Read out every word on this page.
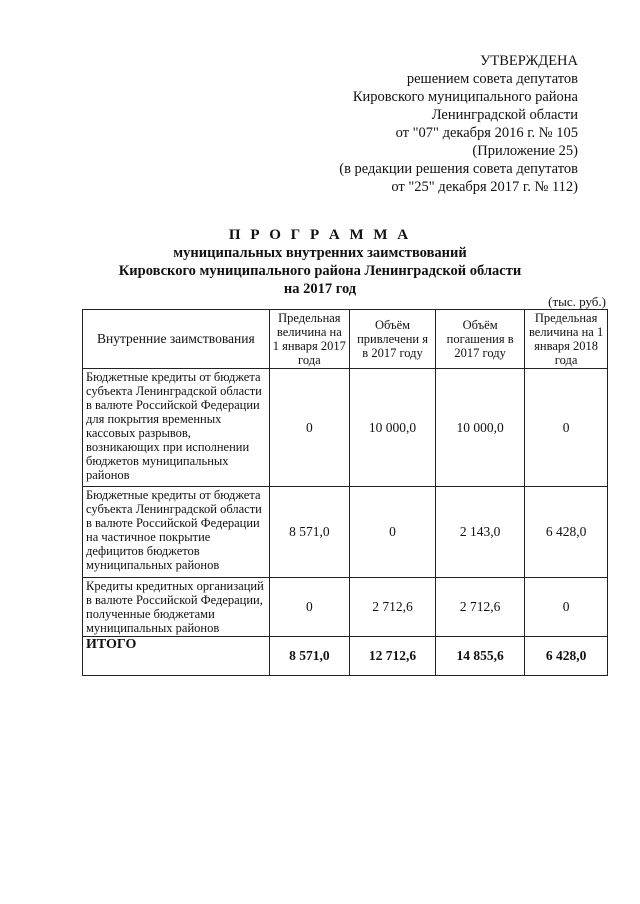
УТВЕРЖДЕНА
решением совета депутатов
Кировского муниципального района
Ленинградской области
от "07" декабря 2016 г. № 105
(Приложение 25)
(в редакции решения совета депутатов
от "25" декабря 2017 г. № 112)
П Р О Г Р А М М А
муниципальных внутренних заимствований
Кировского муниципального района Ленинградской области
на 2017 год
(тыс. руб.)
Внутренние заимствования	Предельная величина на 1 января 2017 года	Объём привлечени я в 2017 году	Объём погашения в 2017 году	Предельная величина на 1 января 2018 года
Бюджетные кредиты от бюджета субъекта Ленинградской области в валюте Российской Федерации для покрытия временных кассовых разрывов, возникающих при исполнении бюджетов муниципальных районов	0	10 000,0	10 000,0	0
Бюджетные кредиты от бюджета субъекта Ленинградской области в валюте Российской Федерации на частичное покрытие дефицитов бюджетов муниципальных районов	8 571,0	0	2 143,0	6 428,0
Кредиты кредитных организаций в валюте Российской Федерации, полученные бюджетами муниципальных районов	0	2 712,6	2 712,6	0
ИТОГО	8 571,0	12 712,6	14 855,6	6 428,0
